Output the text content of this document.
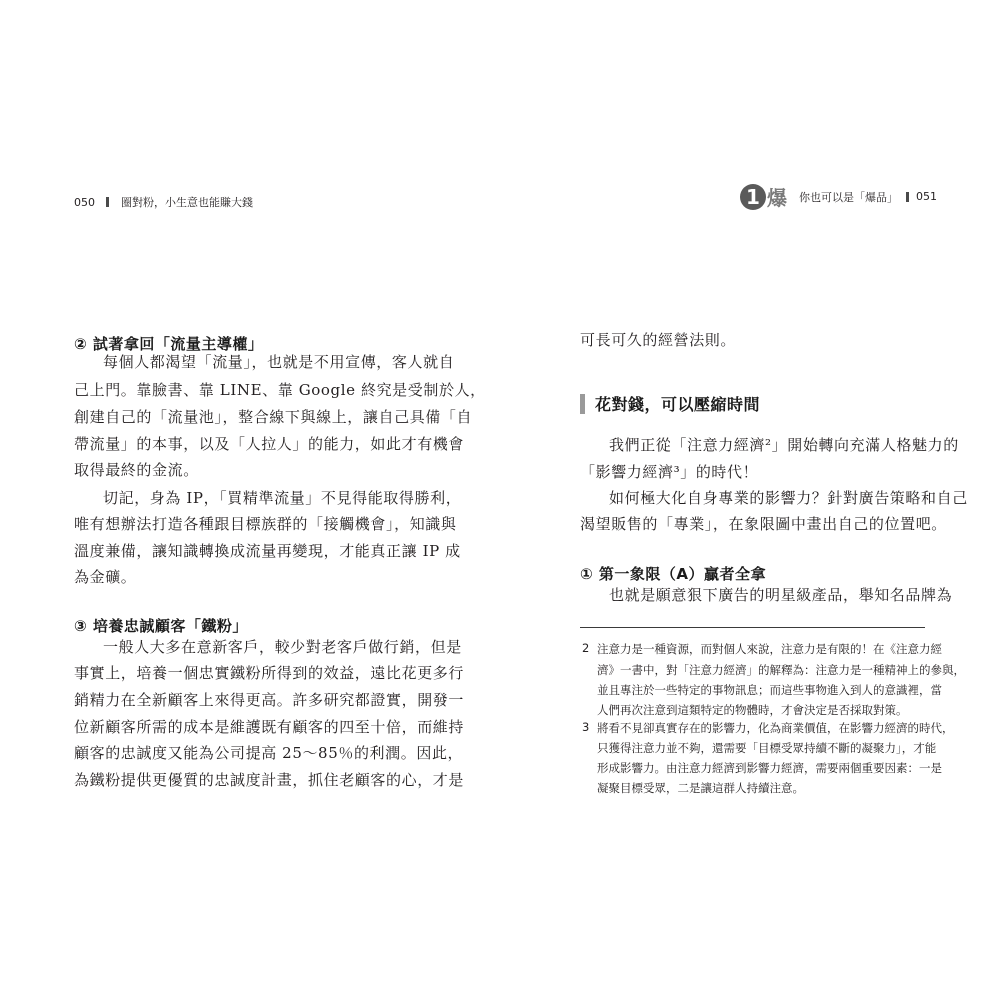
050 圈對粉，小生意也能賺大錢
② 試著拿回「流量主導權」
每個人都渴望「流量」，也就是不用宣傳，客人就自
己上門。靠臉書、靠 LINE、靠 Google 終究是受制於人，
創建自己的「流量池」，整合線下與線上，讓自己具備「自
帶流量」的本事，以及「人拉人」的能力，如此才有機會
取得最終的金流。
切記，身為 IP，「買精準流量」不見得能取得勝利，
唯有想辦法打造各種跟目標族群的「接觸機會」，知識與
溫度兼備，讓知識轉換成流量再變現，才能真正讓 IP 成
為金礦。
③ 培養忠誠顧客「鐵粉」
一般人大多在意新客戶，較少對老客戶做行銷，但是
事實上，培養一個忠實鐵粉所得到的效益，遠比花更多行
銷精力在全新顧客上來得更高。許多研究都證實，開發一
位新顧客所需的成本是維護既有顧客的四至十倍，而維持
顧客的忠誠度又能為公司提高 25～85％的利潤。因此，
為鐵粉提供更優質的忠誠度計畫，抓住老顧客的心，才是
1 爆 你也可以是「爆品」 051
可長可久的經營法則。
花對錢，可以壓縮時間
我們正從「注意力經濟²」開始轉向充滿人格魅力的
「影響力經濟³」的時代！
如何極大化自身專業的影響力？針對廣告策略和自己
渴望販售的「專業」，在象限圖中畫出自己的位置吧。
① 第一象限（A）贏者全拿
也就是願意狠下廣告的明星級產品，舉知名品牌為
2 注意力是一種資源，而對個人來說，注意力是有限的！在《注意力經
濟》一書中，對「注意力經濟」的解釋為：注意力是一種精神上的參與，
並且專注於一些特定的事物訊息；而這些事物進入到人的意識裡，當
人們再次注意到這類特定的物體時，才會決定是否採取對策。
3 將看不見卻真實存在的影響力，化為商業價值，在影響力經濟的時代，
只獲得注意力並不夠，還需要「目標受眾持續不斷的凝聚力」，才能
形成影響力。由注意力經濟到影響力經濟，需要兩個重要因素：一是
凝聚目標受眾，二是讓這群人持續注意。
